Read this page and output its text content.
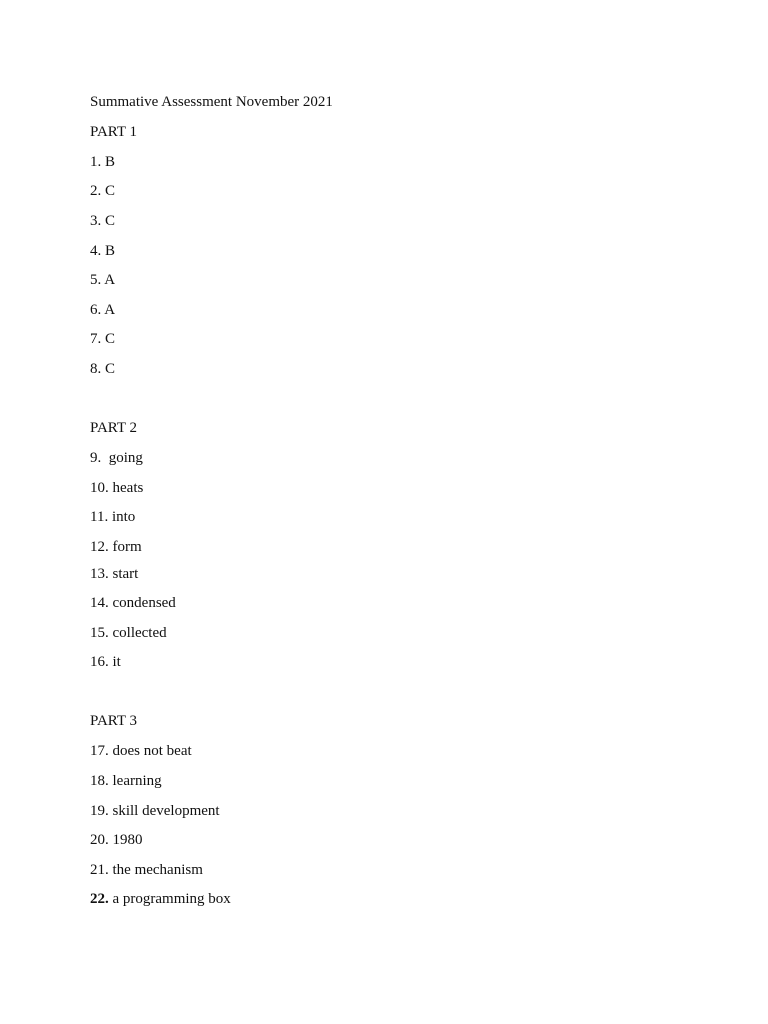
Summative Assessment November 2021
PART 1
1. B
2. C
3. C
4. B
5. A
6. A
7. C
8. C
PART 2
9.  going
10. heats
11. into
12. form
13. start
14. condensed
15. collected
16. it
PART 3
17. does not beat
18. learning
19. skill development
20. 1980
21. the mechanism
22. a programming box
